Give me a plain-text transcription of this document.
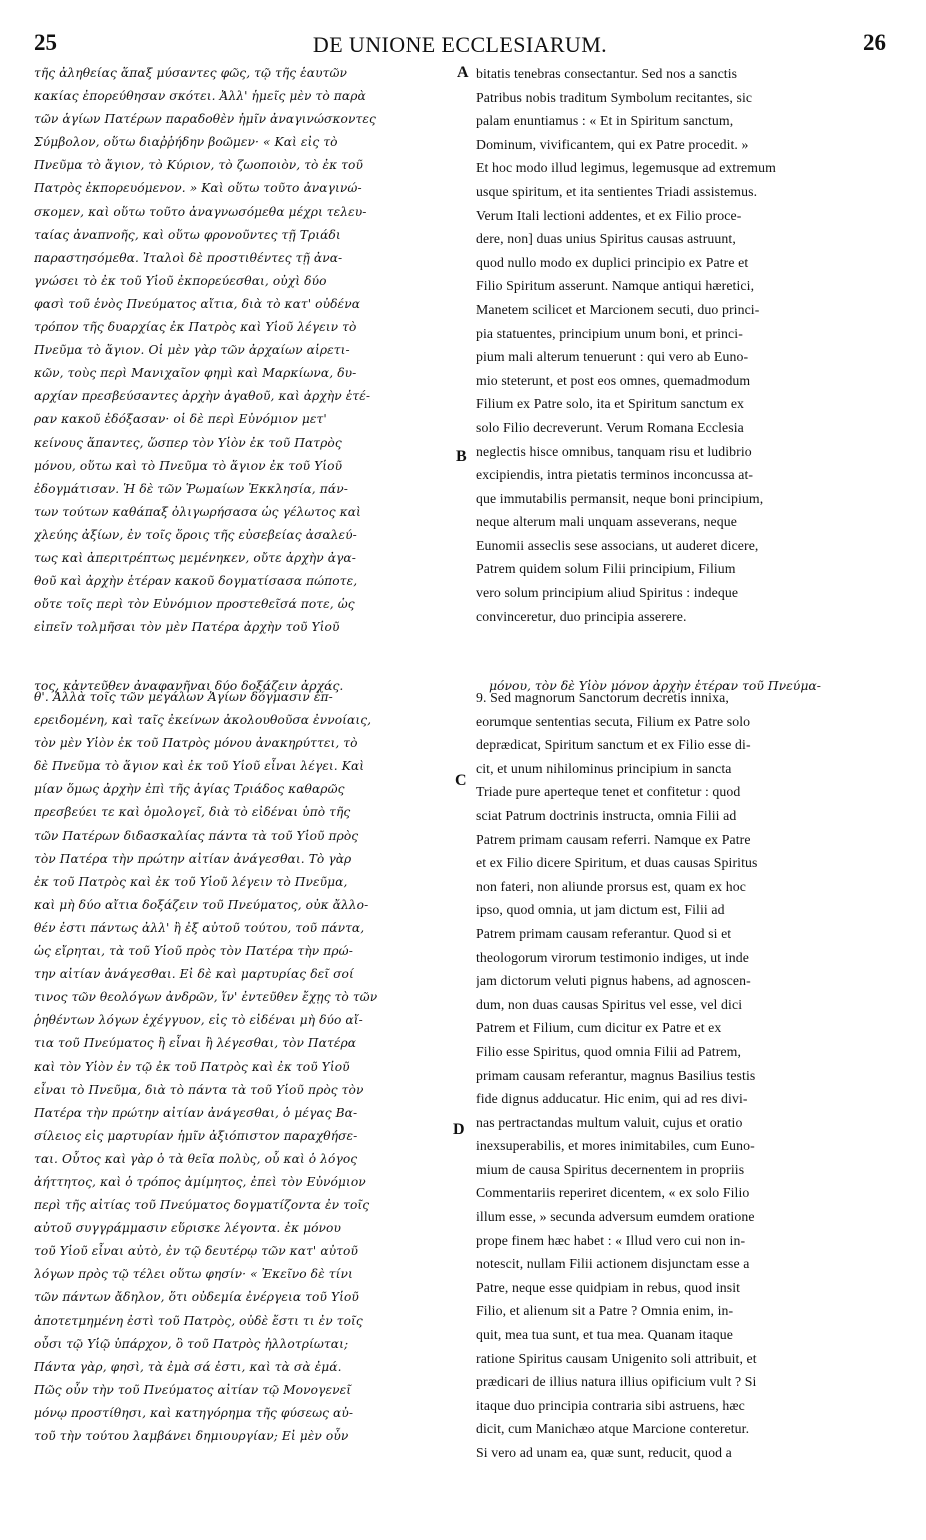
25	DE UNIONE ECCLESIARUM.	26
τῆς ἀληθείας ἅπαξ μύσαντες φῶς, τῷ τῆς ἑαυτῶν
κακίας ἐπορεύθησαν σκότει. Ἀλλ' ἡμεῖς μὲν τὸ παρὰ
τῶν ἁγίων Πατέρων παραδοθὲν ἡμῖν ἀναγινώσκοντες
Σύμβολον, οὕτω διαῤῥήδην βοῶμεν· « Καὶ εἰς τὸ
Πνεῦμα τὸ ἅγιον, τὸ Κύριον, τὸ ζωοποιὸν, τὸ ἐκ τοῦ
Πατρὸς ἐκπορευόμενον. » Καὶ οὕτω τοῦτο ἀναγινώ-
σκομεν, καὶ οὕτω τοῦτο ἀναγνωσόμεθα μέχρι τελευ-
ταίας ἀναπνοῆς, καὶ οὕτω φρονοῦντες τῇ Τριάδι
παραστησόμεθα. Ἰταλοὶ δὲ προστιθέντες τῇ ἀνα-
γνώσει τὸ ἐκ τοῦ Υἱοῦ ἐκπορεύεσθαι, οὐχὶ δύο
φασὶ τοῦ ἑνὸς Πνεύματος αἴτια, διὰ τὸ κατ' οὐδένα
τρόπον τῆς δυαρχίας ἐκ Πατρὸς καὶ Υἱοῦ λέγειν τὸ
Πνεῦμα τὸ ἅγιον. Οἱ μὲν γὰρ τῶν ἀρχαίων αἱρετι-
κῶν, τοὺς περὶ Μανιχαῖον φημὶ καὶ Μαρκίωνα, δυ-
αρχίαν πρεσβεύσαντες ἀρχὴν ἀγαθοῦ, καὶ ἀρχὴν ἑτέ-
ραν κακοῦ ἐδόξασαν· οἱ δὲ περὶ Εὐνόμιον μετ'
κείνους ἅπαντες, ὥσπερ τὸν Υἱὸν ἐκ τοῦ Πατρὸς
μόνου, οὕτω καὶ τὸ Πνεῦμα τὸ ἅγιον ἐκ τοῦ Υἱοῦ
ἐδογμάτισαν. Ἡ δὲ τῶν Ῥωμαίων Ἐκκλησία, πάν-
των τούτων καθάπαξ ὀλιγωρήσασα ὡς γέλωτος καὶ
χλεύης ἀξίων, ἐν τοῖς ὅροις τῆς εὐσεβείας ἀσαλεύ-
τως καὶ ἀπεριτρέπτως μεμένηκεν, οὔτε ἀρχὴν ἀγα-
θοῦ καὶ ἀρχὴν ἑτέραν κακοῦ δογματίσασα πώποτε,
οὔτε τοῖς περὶ τὸν Εὐνόμιον προστεθεῖσά ποτε, ὡς
εἰπεῖν τολμῆσαι τὸν μὲν Πατέρα ἀρχὴν τοῦ Υἱοῦ
bitatis tenebras consectantur. Sed nos a sanctis
Patribus nobis traditum Symbolum recitantes, sic
palam enuntiamus : « Et in Spiritum sanctum,
Dominum, vivificantem, qui ex Patre procedit. »
Et hoc modo illud legimus, legemusque ad extremum
usque spiritum, et ita sentientes Triadi assistemus.
Verum Itali lectioni addentes, et ex Filio proce-
dere, non] duas unius Spiritus causas astruunt,
quod nullo modo ex duplici principio ex Patre et
Filio Spiritum asserunt. Namque antiqui hæretici,
Manetem scilicet et Marcionem secuti, duo princi-
pia statuentes, principium unum boni, et princi-
pium mali alterum tenuerunt : qui vero ab Euno-
mio steterunt, et post eos omnes, quemadmodum
Filium ex Patre solo, ita et Spiritum sanctum ex
solo Filio decreverunt. Verum Romana Ecclesia
neglectis hisce omnibus, tanquam risu et ludibrio
excipiendis, intra pietatis terminos inconcussa at-
que immutabilis permansit, neque boni principium,
neque alterum mali unquam asseverans, neque
Eunomii asseclis sese associans, ut auderet dicere,
Patrem quidem solum Filii principium, Filium
vero solum principium aliud Spiritus : indeque
convinceretur, duo principia asserere.
τος, κἀντεῦθεν ἀναφανῆναι δύο δοξάζειν ἀρχάς.	μόνου, τὸν δὲ Υἱὸν μόνον ἀρχὴν ἑτέραν τοῦ Πνεύμα-
θ'. Ἀλλὰ τοῖς τῶν μεγάλων Ἁγίων δόγμασιν ἐπ-
ερειδομένη, καὶ ταῖς ἐκείνων ἀκολουθοῦσα ἐννοίαις,
τὸν μὲν Υἱὸν ἐκ τοῦ Πατρὸς μόνου ἀνακηρύττει, τὸ
δὲ Πνεῦμα τὸ ἅγιον καὶ ἐκ τοῦ Υἱοῦ εἶναι λέγει. Καὶ
μίαν ὅμως ἀρχὴν ἐπὶ τῆς ἁγίας Τριάδος καθαρῶς
πρεσβεύει τε καὶ ὁμολογεῖ, διὰ τὸ εἰδέναι ὑπὸ τῆς
τῶν Πατέρων διδασκαλίας πάντα τὰ τοῦ Υἱοῦ πρὸς
τὸν Πατέρα τὴν πρώτην αἰτίαν ἀνάγεσθαι. Τὸ γὰρ
ἐκ τοῦ Πατρὸς καὶ ἐκ τοῦ Υἱοῦ λέγειν τὸ Πνεῦμα,
καὶ μὴ δύο αἴτια δοξάζειν τοῦ Πνεύματος, οὐκ ἄλλο-
θέν ἐστι πάντως ἀλλ' ἢ ἐξ αὐτοῦ τούτου, τοῦ πάντα,
ὡς εἴρηται, τὰ τοῦ Υἱοῦ πρὸς τὸν Πατέρα τὴν πρώ-
την αἰτίαν ἀνάγεσθαι. Εἰ δὲ καὶ μαρτυρίας δεῖ σοί
τινος τῶν θεολόγων ἀνδρῶν, ἵν' ἐντεῦθεν ἔχῃς τὸ τῶν
ῥηθέντων λόγων ἐχέγγυον, εἰς τὸ εἰδέναι μὴ δύο αἴ-
τια τοῦ Πνεύματος ἢ εἶναι ἢ λέγεσθαι, τὸν Πατέρα
καὶ τὸν Υἱὸν ἐν τῷ ἐκ τοῦ Πατρὸς καὶ ἐκ τοῦ Υἱοῦ
εἶναι τὸ Πνεῦμα, διὰ τὸ πάντα τὰ τοῦ Υἱοῦ πρὸς τὸν
Πατέρα τὴν πρώτην αἰτίαν ἀνάγεσθαι, ὁ μέγας Βα-
σίλειος εἰς μαρτυρίαν ἡμῖν ἀξιόπιστον παραχθήσε-
ται. Οὗτος καὶ γὰρ ὁ τὰ θεῖα πολὺς, οὗ καὶ ὁ λόγος
ἀήττητος, καὶ ὁ τρόπος ἀμίμητος, ἐπεὶ τὸν Εὐνόμιον
περὶ τῆς αἰτίας τοῦ Πνεύματος δογματίζοντα ἐν τοῖς
αὐτοῦ συγγράμμασιν εὕρισκε λέγοντα. ἐκ μόνου
τοῦ Υἱοῦ εἶναι αὐτὸ, ἐν τῷ δευτέρῳ τῶν κατ' αὐτοῦ
λόγων πρὸς τῷ τέλει οὕτω φησίν· « Ἐκεῖνο δὲ τίνι
τῶν πάντων ἄδηλον, ὅτι οὐδεμία ἐνέργεια τοῦ Υἱοῦ
ἀποτετμημένη ἐστὶ τοῦ Πατρὸς, οὐδὲ ἔστι τι ἐν τοῖς
οὖσι τῷ Υἱῷ ὑπάρχον, ὃ τοῦ Πατρὸς ἠλλοτρίωται;
Πάντα γὰρ, φησὶ, τὰ ἐμὰ σά ἐστι, καὶ τὰ σὰ ἐμά.
Πῶς οὖν τὴν τοῦ Πνεύματος αἰτίαν τῷ Μονογενεῖ
μόνῳ προστίθησι, καὶ κατηγόρημα τῆς φύσεως αὐ-
τοῦ τὴν τούτου λαμβάνει δημιουργίαν; Εἰ μὲν οὖν
9. Sed magnorum Sanctorum decretis innixa,
eorumque sententias secuta, Filium ex Patre solo
deprædicat, Spiritum sanctum et ex Filio esse di-
cit, et unum nihilominus principium in sancta
Triade pure aperteque tenet et confitetur : quod
sciat Patrum doctrinis instructa, omnia Filii ad
Patrem primam causam referri. Namque ex Patre
et ex Filio dicere Spiritum, et duas causas Spiritus
non fateri, non aliunde prorsus est, quam ex hoc
ipso, quod omnia, ut jam dictum est, Filii ad
Patrem primam causam referantur. Quod si et
theologorum virorum testimonio indiges, ut inde
jam dictorum veluti pignus habens, ad agnoscen-
dum, non duas causas Spiritus vel esse, vel dici
Patrem et Filium, cum dicitur ex Patre et ex
Filio esse Spiritus, quod omnia Filii ad Patrem,
primam causam referantur, magnus Basilius testis
fide dignus adducatur. Hic enim, qui ad res divi-
nas pertractandas multum valuit, cujus et oratio
inexsuperabilis, et mores inimitabiles, cum Euno-
mium de causa Spiritus decernentem in propriis
Commentariis reperiret dicentem, « ex solo Filio
illum esse, » secunda adversum eumdem oratione
prope finem hæc habet : « Illud vero cui non in-
notescit, nullam Filii actionem disjunctam esse a
Patre, neque esse quidpiam in rebus, quod insit
Filio, et alienum sit a Patre ? Omnia enim, in-
quit, mea tua sunt, et tua mea. Quanam itaque
ratione Spiritus causam Unigenito soli attribuit, et
prædicari de illius natura illius opificium vult ? Si
itaque duo principia contraria sibi astruens, hæc
dicit, cum Manichæo atque Marcione conteretur.
Si vero ad unam ea, quæ sunt, reducit, quod a
A
B
C
D
